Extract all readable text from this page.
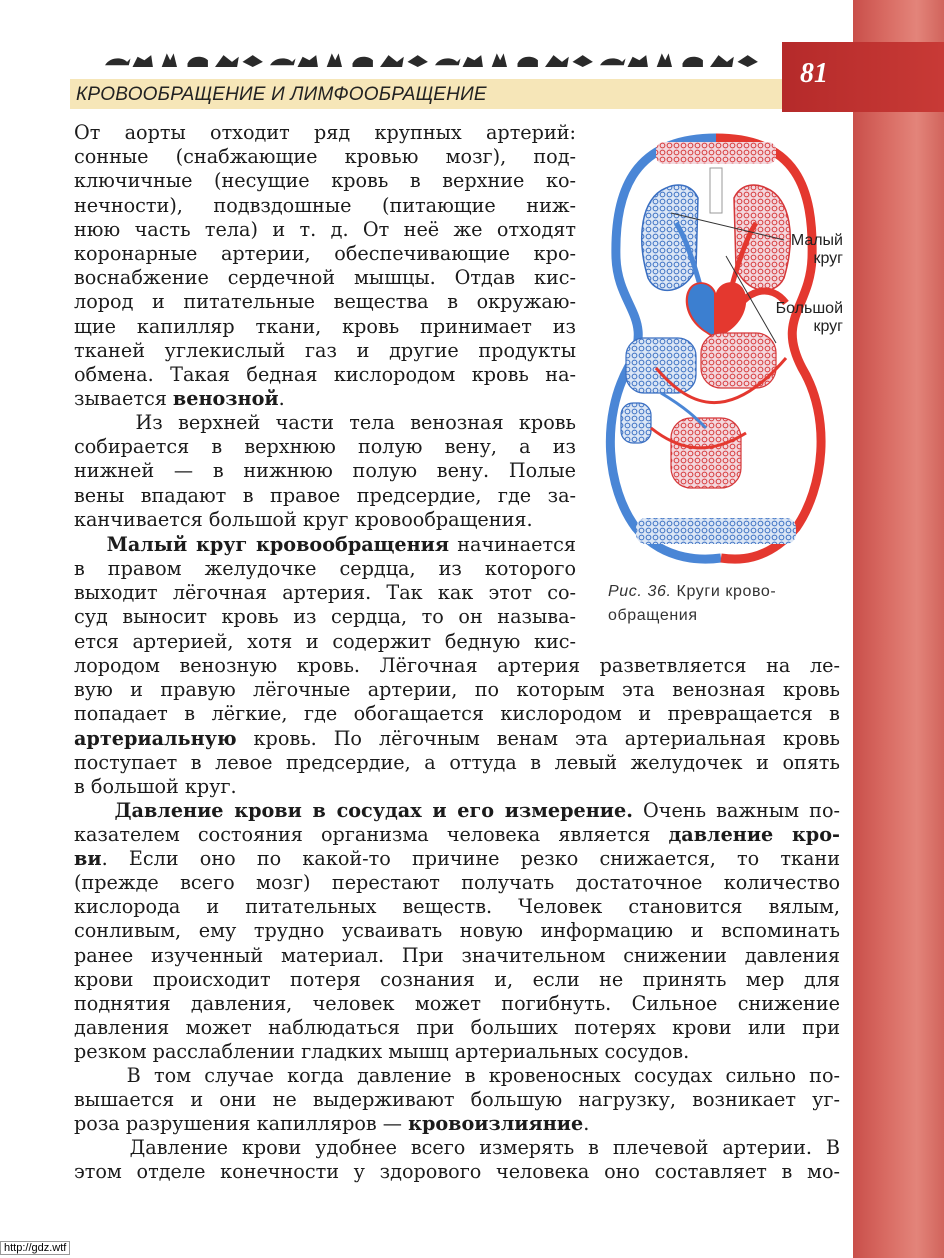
81
КРОВООБРАЩЕНИЕ И ЛИМФООБРАЩЕНИЕ
От аорты отходит ряд крупных артерий:
сонные (снабжающие кровью мозг), под-
ключичные (несущие кровь в верхние ко-
нечности), подвздошные (питающие ниж-
нюю часть тела) и т. д. От неё же отходят
коронарные артерии, обеспечивающие кро-
воснабжение сердечной мышцы. Отдав кис-
лород и питательные вещества в окружаю-
щие капилляр ткани, кровь принимает из
тканей углекислый газ и другие продукты
обмена. Такая бедная кислородом кровь на-
зывается венозной.
Из верхней части тела венозная кровь
собирается в верхнюю полую вену, а из
нижней — в нижнюю полую вену. Полые
вены впадают в правое предсердие, где за-
канчивается большой круг кровообращения.
Малый круг кровообращения начинается
в правом желудочке сердца, из которого
выходит лёгочная артерия. Так как этот со-
суд выносит кровь из сердца, то он называ-
ется артерией, хотя и содержит бедную кис-
лородом венозную кровь. Лёгочная артерия разветвляется на ле-
вую и правую лёгочные артерии, по которым эта венозная кровь
попадает в лёгкие, где обогащается кислородом и превращается в
артериальную кровь. По лёгочным венам эта артериальная кровь
поступает в левое предсердие, а оттуда в левый желудочек и опять
в большой круг.
Давление крови в сосудах и его измерение. Очень важным по-
казателем состояния организма человека является давление кро-
ви. Если оно по какой-то причине резко снижается, то ткани
(прежде всего мозг) перестают получать достаточное количество
кислорода и питательных веществ. Человек становится вялым,
сонливым, ему трудно усваивать новую информацию и вспоминать
ранее изученный материал. При значительном снижении давления
крови происходит потеря сознания и, если не принять мер для
поднятия давления, человек может погибнуть. Сильное снижение
давления может наблюдаться при больших потерях крови или при
резком расслаблении гладких мышц артериальных сосудов.
В том случае когда давление в кровеносных сосудах сильно по-
вышается и они не выдерживают большую нагрузку, возникает уг-
роза разрушения капилляров — кровоизлияние.
Давление крови удобнее всего измерять в плечевой артерии. В
этом отделе конечности у здорового человека оно составляет в мо-
Малый
круг
Большой
круг
Рис. 36. Круги крово-
обращения
http://gdz.wtf
